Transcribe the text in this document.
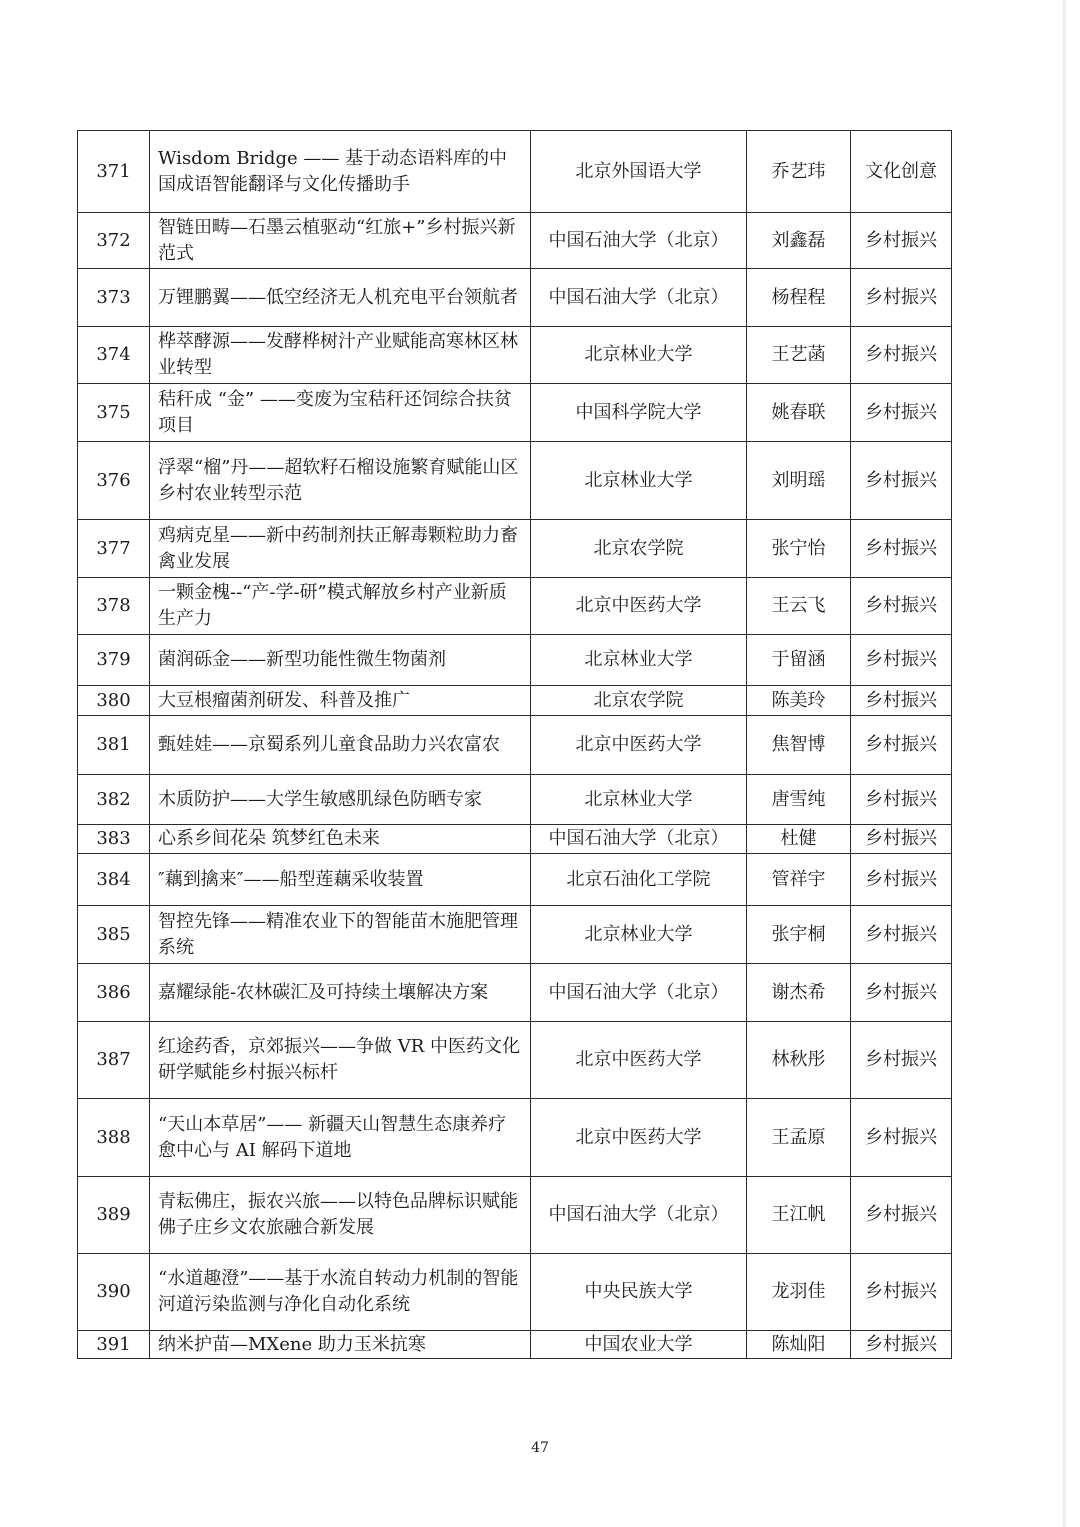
371	Wisdom Bridge —— 基于动态语料库的中国成语智能翻译与文化传播助手	北京外国语大学	乔艺玮	文化创意
372	智链田畴—石墨云植驱动“红旅+”乡村振兴新范式	中国石油大学（北京）	刘鑫磊	乡村振兴
373	万锂鹏翼——低空经济无人机充电平台领航者	中国石油大学（北京）	杨程程	乡村振兴
374	桦萃酵源——发酵桦树汁产业赋能高寒林区林业转型	北京林业大学	王艺菡	乡村振兴
375	秸秆成 “金” ——变废为宝秸秆还饲综合扶贫项目	中国科学院大学	姚春联	乡村振兴
376	浮翠“榴”丹——超软籽石榴设施繁育赋能山区乡村农业转型示范	北京林业大学	刘明瑶	乡村振兴
377	鸡病克星——新中药制剂扶正解毒颗粒助力畜禽业发展	北京农学院	张宁怡	乡村振兴
378	一颗金槐--“产-学-研”模式解放乡村产业新质生产力	北京中医药大学	王云飞	乡村振兴
379	菌润砾金——新型功能性微生物菌剂	北京林业大学	于留涵	乡村振兴
380	大豆根瘤菌剂研发、科普及推广	北京农学院	陈美玲	乡村振兴
381	甄娃娃——京蜀系列儿童食品助力兴农富农	北京中医药大学	焦智博	乡村振兴
382	木质防护——大学生敏感肌绿色防晒专家	北京林业大学	唐雪纯	乡村振兴
383	心系乡间花朵 筑梦红色未来	中国石油大学（北京）	杜健	乡村振兴
384	″藕到擒来″——船型莲藕采收装置	北京石油化工学院	管祥宇	乡村振兴
385	智控先锋——精准农业下的智能苗木施肥管理系统	北京林业大学	张宇桐	乡村振兴
386	嘉耀绿能-农林碳汇及可持续土壤解决方案	中国石油大学（北京）	谢杰希	乡村振兴
387	红途药香，京郊振兴——争做 VR 中医药文化研学赋能乡村振兴标杆	北京中医药大学	林秋彤	乡村振兴
388	“天山本草居”—— 新疆天山智慧生态康养疗愈中心与 AI 解码下道地	北京中医药大学	王孟原	乡村振兴
389	青耘佛庄，振农兴旅——以特色品牌标识赋能佛子庄乡文农旅融合新发展	中国石油大学（北京）	王江帆	乡村振兴
390	“水道趣澄”——基于水流自转动力机制的智能河道污染监测与净化自动化系统	中央民族大学	龙羽佳	乡村振兴
391	纳米护苗—MXene 助力玉米抗寒	中国农业大学	陈灿阳	乡村振兴
47
